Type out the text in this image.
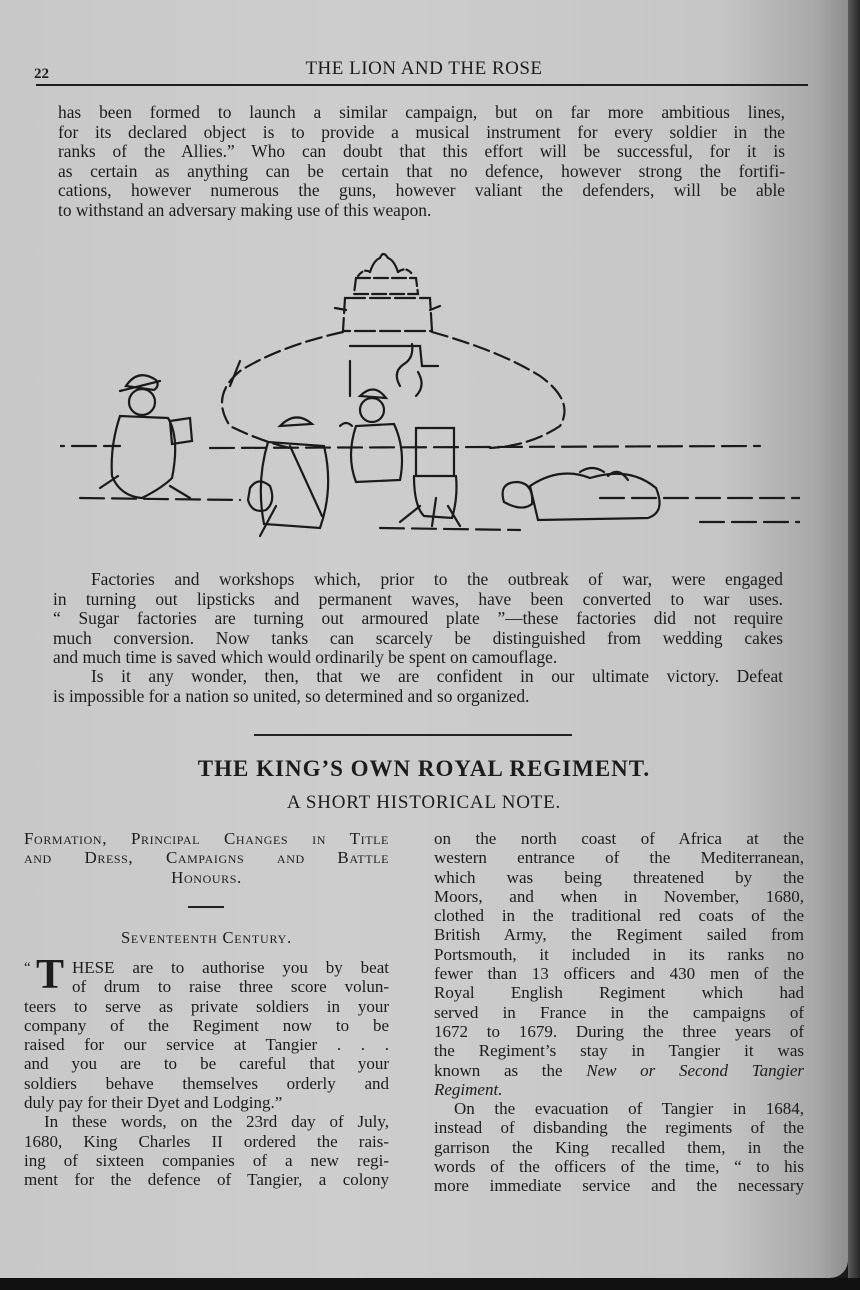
22	THE LION AND THE ROSE

has been formed to launch a similar campaign, but on far more ambitious lines,
for its declared object is to provide a musical instrument for every soldier in the
ranks of the Allies.” Who can doubt that this effort will be successful, for it is
as certain as anything can be certain that no defence, however strong the fortifi-
cations, however numerous the guns, however valiant the defenders, will be able
to withstand an adversary making use of this weapon.

Factories and workshops which, prior to the outbreak of war, were engaged
in turning out lipsticks and permanent waves, have been converted to war uses.
“ Sugar factories are turning out armoured plate ”—these factories did not require
much conversion. Now tanks can scarcely be distinguished from wedding cakes
and much time is saved which would ordinarily be spent on camouflage.

Is it any wonder, then, that we are confident in our ultimate victory. Defeat
is impossible for a nation so united, so determined and so organized.

THE KING’S OWN ROYAL REGIMENT.
A SHORT HISTORICAL NOTE.
Formation, Principal Changes in Title
and Dress, Campaigns and Battle
Honours.
Seventeenth Century.
“ T HESE are to authorise you by beat
of drum to raise three score volun-
teers to serve as private soldiers in your
company of the Regiment now to be
raised for our service at Tangier . . .
and you are to be careful that your
soldiers behave themselves orderly and
duly pay for their Dyet and Lodging.”
In these words, on the 23rd day of July,
1680, King Charles II ordered the rais-
ing of sixteen companies of a new regi-
ment for the defence of Tangier, a colony
on the north coast of Africa at the
western entrance of the Mediterranean,
which was being threatened by the
Moors, and when in November, 1680,
clothed in the traditional red coats of the
British Army, the Regiment sailed from
Portsmouth, it included in its ranks no
fewer than 13 officers and 430 men of the
Royal English Regiment which had
served in France in the campaigns of
1672 to 1679. During the three years of
the Regiment’s stay in Tangier it was
known as the New or Second Tangier
Regiment.
On the evacuation of Tangier in 1684,
instead of disbanding the regiments of the
garrison the King recalled them, in the
words of the officers of the time, “ to his
more immediate service and the necessary
